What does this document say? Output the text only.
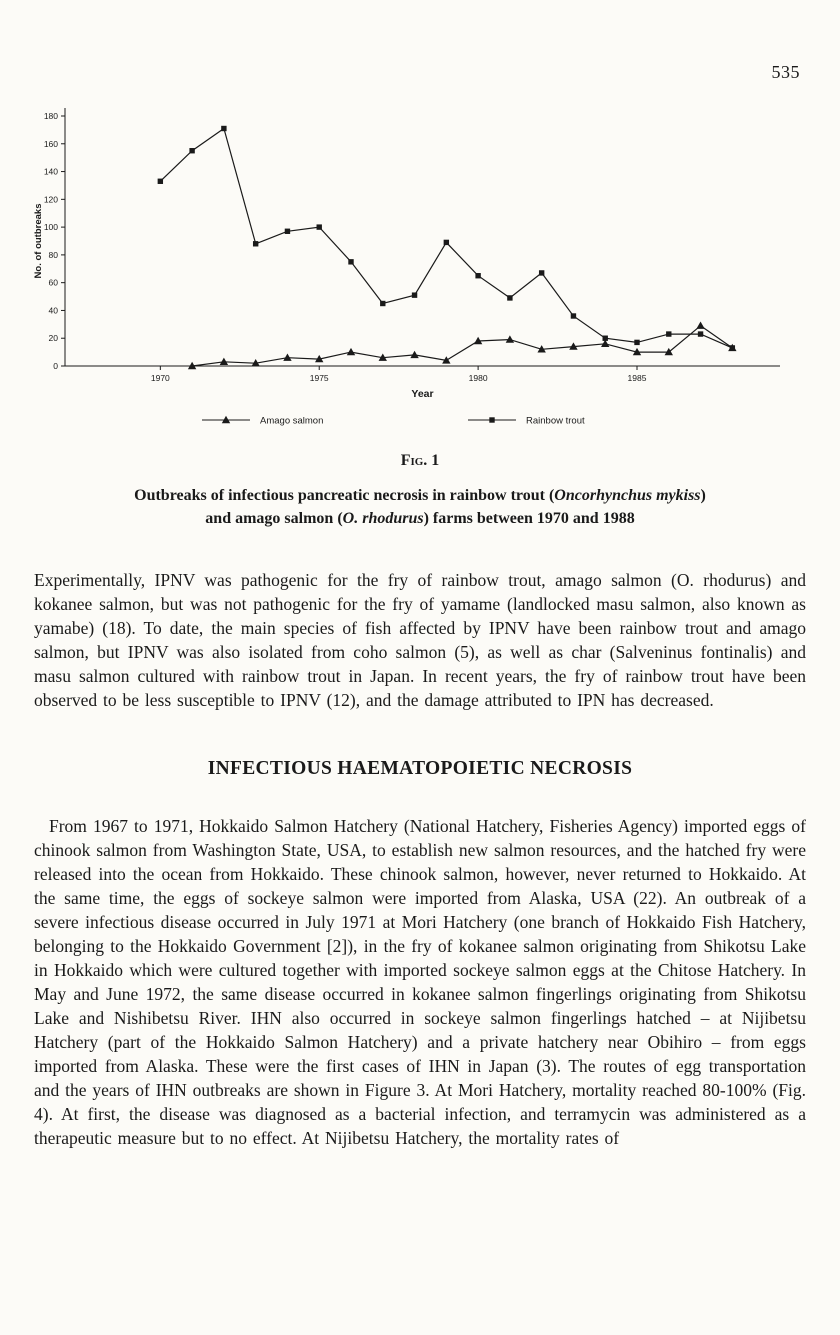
535
0
20
40
60
80
100
120
140
160
180
1970	1975	1980	1985
No. of outbreaks
Year
Amago salmon	Rainbow trout
Fig. 1
Outbreaks of infectious pancreatic necrosis in rainbow trout (Oncorhynchus mykiss)
and amago salmon (O. rhodurus) farms between 1970 and 1988

Experimentally, IPNV was pathogenic for the fry of rainbow trout, amago salmon (O. rhodurus) and kokanee salmon, but was not pathogenic for the fry of yamame (landlocked masu salmon, also known as yamabe) (18). To date, the main species of fish affected by IPNV have been rainbow trout and amago salmon, but IPNV was also isolated from coho salmon (5), as well as char (Salveninus fontinalis) and masu salmon cultured with rainbow trout in Japan. In recent years, the fry of rainbow trout have been observed to be less susceptible to IPNV (12), and the damage attributed to IPN has decreased.

INFECTIOUS HAEMATOPOIETIC NECROSIS

From 1967 to 1971, Hokkaido Salmon Hatchery (National Hatchery, Fisheries Agency) imported eggs of chinook salmon from Washington State, USA, to establish new salmon resources, and the hatched fry were released into the ocean from Hokkaido. These chinook salmon, however, never returned to Hokkaido. At the same time, the eggs of sockeye salmon were imported from Alaska, USA (22). An outbreak of a severe infectious disease occurred in July 1971 at Mori Hatchery (one branch of Hokkaido Fish Hatchery, belonging to the Hokkaido Government [2]), in the fry of kokanee salmon originating from Shikotsu Lake in Hokkaido which were cultured together with imported sockeye salmon eggs at the Chitose Hatchery. In May and June 1972, the same disease occurred in kokanee salmon fingerlings originating from Shikotsu Lake and Nishibetsu River. IHN also occurred in sockeye salmon fingerlings hatched – at Nijibetsu Hatchery (part of the Hokkaido Salmon Hatchery) and a private hatchery near Obihiro – from eggs imported from Alaska. These were the first cases of IHN in Japan (3). The routes of egg transportation and the years of IHN outbreaks are shown in Figure 3. At Mori Hatchery, mortality reached 80-100% (Fig. 4). At first, the disease was diagnosed as a bacterial infection, and terramycin was administered as a therapeutic measure but to no effect. At Nijibetsu Hatchery, the mortality rates of
